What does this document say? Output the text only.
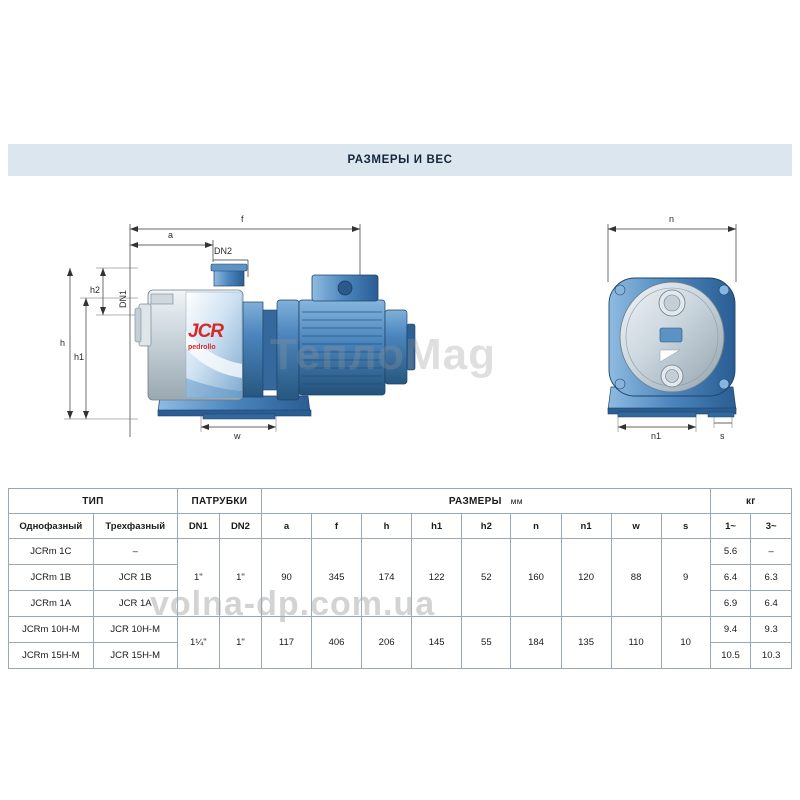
РАЗМЕРЫ И ВЕС
f
a
DN2
DN1
h2
h
h1
w
n
n1	s
JCR
pedrollo ТеплоMag
volna-dp.com.ua
ТИП		ПАТРУБКИ		РАЗМЕРЫ мм									кг	
Однофазный	Трехфазный	DN1	DN2	a	f	h	h1	h2	n	n1	w	s	1~	3~
JCRm 1C	–	1"	1"	90	345	174	122	52	160	120	88	9	5.6	–
JCRm 1B	JCR 1B												6.4	6.3
JCRm 1A	JCR 1A												6.9	6.4
JCRm 10H-M	JCR 10H-M	1¼"	1"	117	406	206	145	55	184	135	110	10	9.4	9.3
JCRm 15H-M	JCR 15H-M												10.5	10.3
